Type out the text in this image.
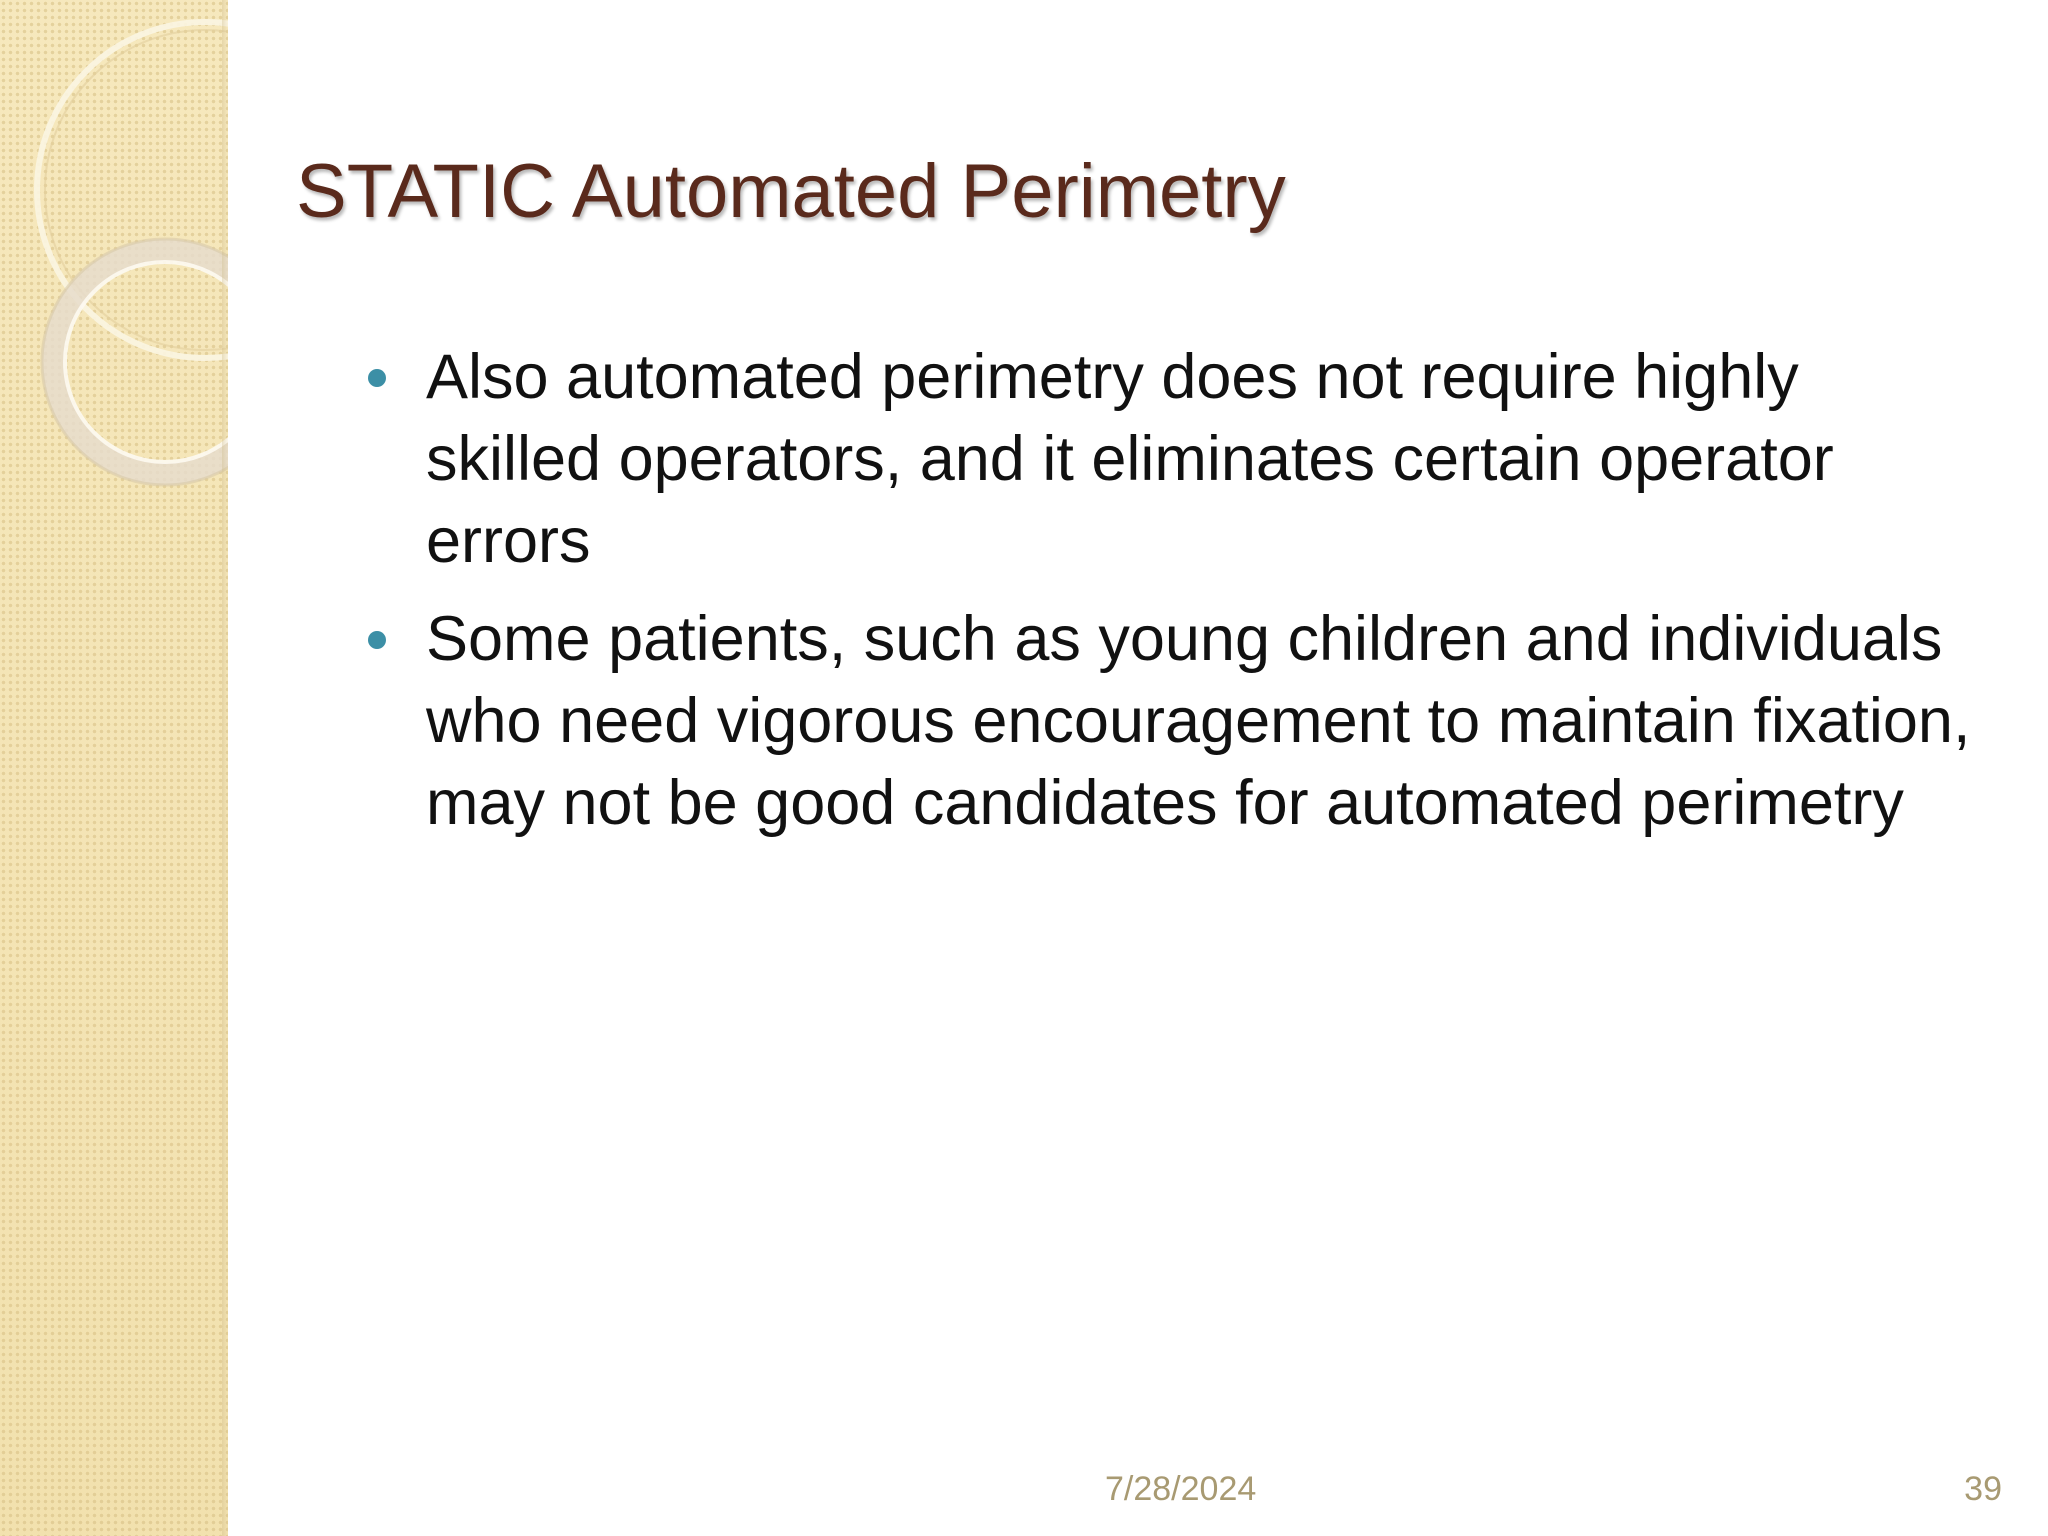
STATIC Automated Perimetry
Also automated perimetry does not require highly skilled operators, and it eliminates certain operator errors
Some patients, such as young children and individuals who need vigorous encouragement to maintain fixation, may not be good candidates for automated perimetry
7/28/2024	39
